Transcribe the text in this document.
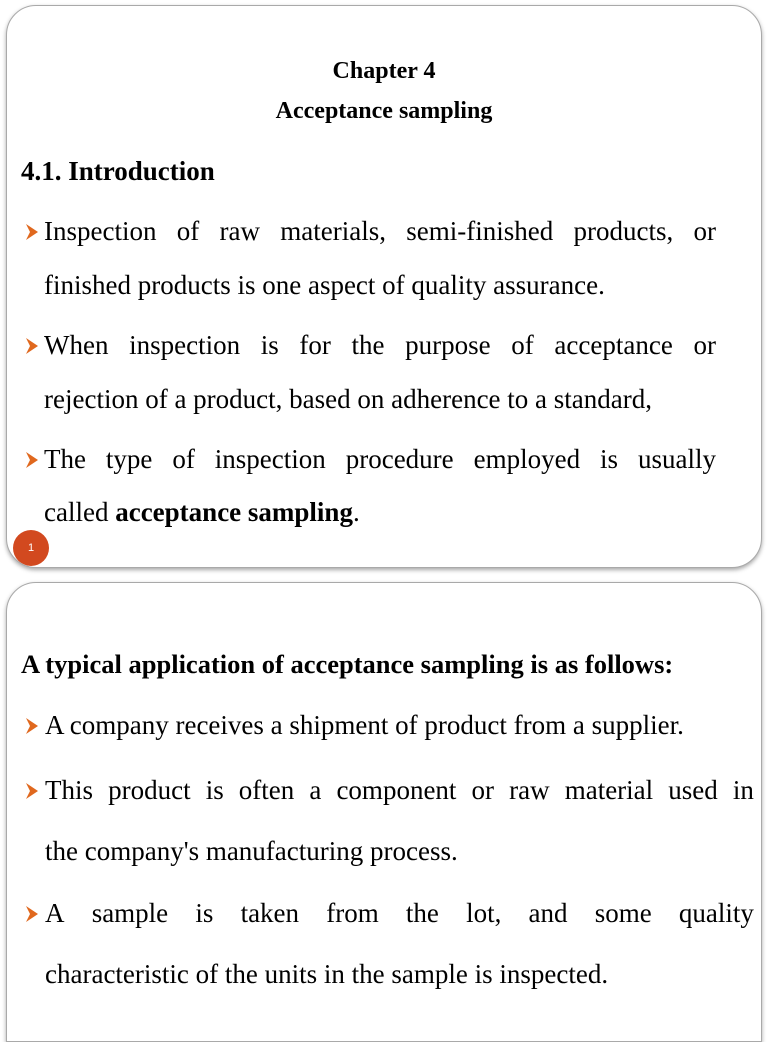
Chapter 4
Acceptance sampling
4.1. Introduction
Inspection of raw materials, semi-finished products, or
finished products is one aspect of quality assurance.
When inspection is for the purpose of acceptance or
rejection of a product, based on adherence to a standard,
The type of inspection procedure employed is usually
called acceptance sampling.
1
A typical application of acceptance sampling is as follows:
A company receives a shipment of product from a supplier.
This product is often a component or raw material used in
the company's manufacturing process.
A sample is taken from the lot, and some quality
characteristic of the units in the sample is inspected.
